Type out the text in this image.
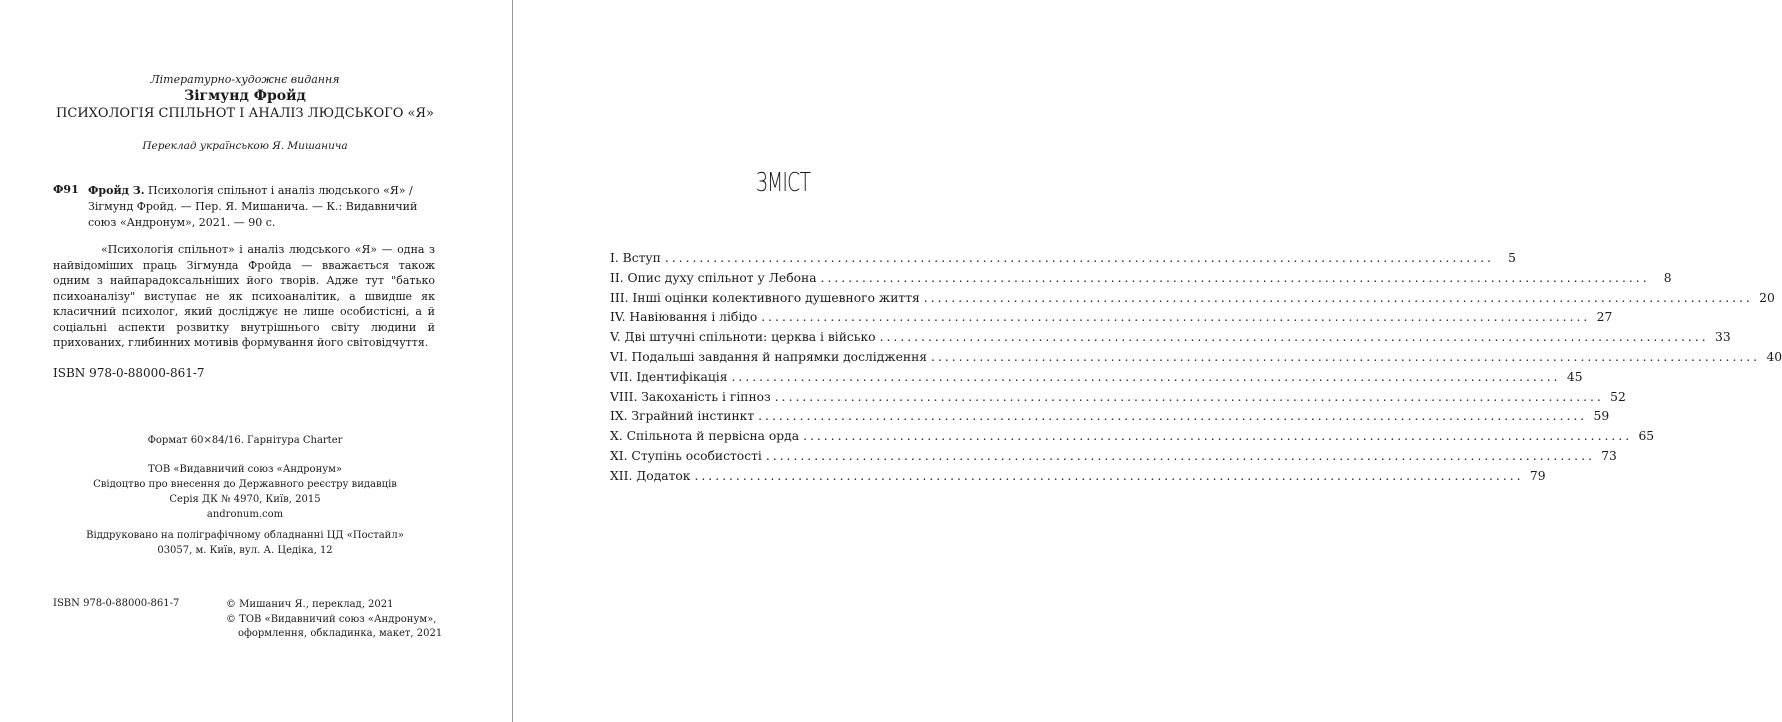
Літературно-художнє видання
Зігмунд Фройд
ПСИХОЛОГІЯ СПІЛЬНОТ І АНАЛІЗ ЛЮДСЬКОГО «Я»
Переклад українською Я. Мишанича
Ф91 Фройд З. Психологія спільнот і аналіз людського «Я» / Зігмунд Фройд. — Пер. Я. Мишанича. — К.: Видавничий союз «Андронум», 2021. — 90 с.
«Психологія спільнот» і аналіз людського «Я» — одна з найвідоміших праць Зігмунда Фройда — вважається також одним з найпарадоксальніших його творів. Адже тут "батько психоаналізу" виступає не як психоаналітик, а швидше як класичний психолог, який досліджує не лише особистісні, а й соціальні аспекти розвитку внутрішнього світу людини й прихованих, глибинних мотивів формування його світовідчуття.
ISBN 978-0-88000-861-7
Формат 60×84/16. Гарнітура Charter
ТОВ «Видавничий союз «Андронум»
Свідоцтво про внесення до Державного реєстру видавців
Серія ДК № 4970, Київ, 2015
andronum.com
Віддруковано на поліграфічному обладнанні ЦД «Постайл»
03057, м. Київ, вул. А. Цедіка, 12
ISBN 978-0-88000-861-7	© Мишанич Я., переклад, 2021
© ТОВ «Видавничий союз «Андронум»,
оформлення, обкладинка, макет, 2021
ЗМІСТ
I. Вступ ........................................................................................................................	5
II. Опис духу спільнот у Лебона ........................................................................................................................	8
III. Інші оцінки колективного душевного життя ........................................................................................................................ 20
IV. Навіювання і лібідо ........................................................................................................................ 27
V. Дві штучні спільноти: церква і військо ........................................................................................................................ 33
VI. Подальші завдання й напрямки дослідження ........................................................................................................................ 40
VII. Ідентифікація ........................................................................................................................ 45
VIII. Закоханість і гіпноз ........................................................................................................................ 52
IX. Зграйний інстинкт ........................................................................................................................ 59
X. Спільнота й первісна орда ........................................................................................................................ 65
XI. Ступінь особистості ........................................................................................................................ 73
XII. Додаток ........................................................................................................................ 79
